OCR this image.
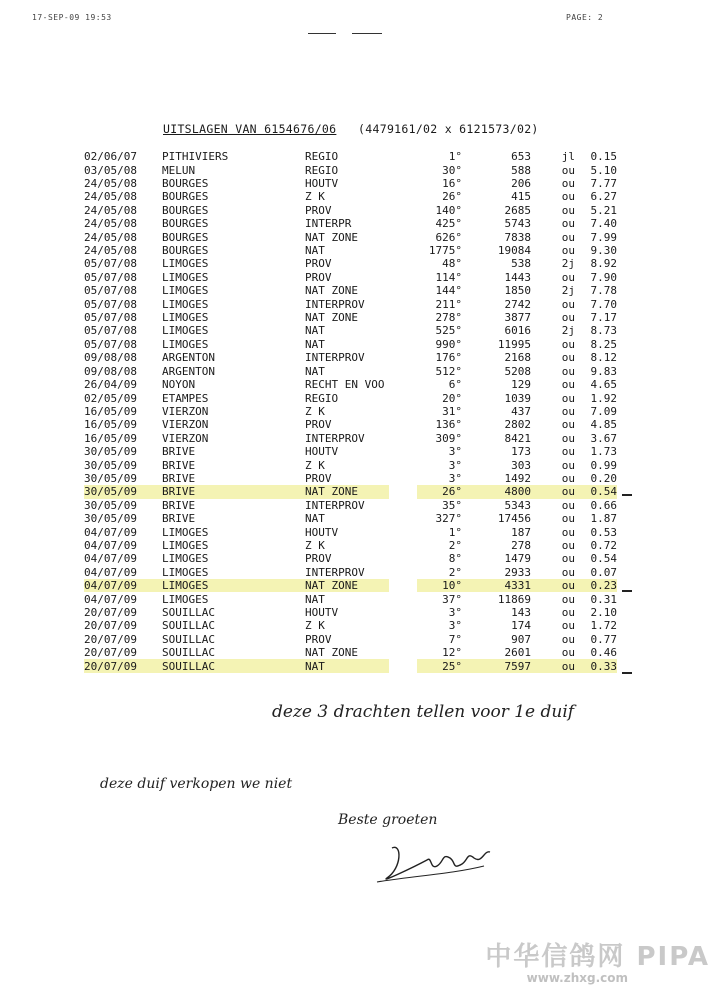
17-SEP-09 19:53	PAGE: 2
UITSLAGEN VAN 6154676/06 (4479161/02 x 6121573/02)
02/06/07	PITHIVIERS	REGIO	1°	653	jl	0.15
03/05/08	MELUN	REGIO	30°	588	ou	5.10
24/05/08	BOURGES	HOUTV	16°	206	ou	7.77
24/05/08	BOURGES	Z K	26°	415	ou	6.27
24/05/08	BOURGES	PROV	140°	2685	ou	5.21
24/05/08	BOURGES	INTERPR	425°	5743	ou	7.40
24/05/08	BOURGES	NAT ZONE	626°	7838	ou	7.99
24/05/08	BOURGES	NAT	1775°	19084	ou	9.30
05/07/08	LIMOGES	PROV	48°	538	2j	8.92
05/07/08	LIMOGES	PROV	114°	1443	ou	7.90
05/07/08	LIMOGES	NAT ZONE	144°	1850	2j	7.78
05/07/08	LIMOGES	INTERPROV	211°	2742	ou	7.70
05/07/08	LIMOGES	NAT ZONE	278°	3877	ou	7.17
05/07/08	LIMOGES	NAT	525°	6016	2j	8.73
05/07/08	LIMOGES	NAT	990°	11995	ou	8.25
09/08/08	ARGENTON	INTERPROV	176°	2168	ou	8.12
09/08/08	ARGENTON	NAT	512°	5208	ou	9.83
26/04/09	NOYON	RECHT EN VOO	6°	129	ou	4.65
02/05/09	ETAMPES	REGIO	20°	1039	ou	1.92
16/05/09	VIERZON	Z K	31°	437	ou	7.09
16/05/09	VIERZON	PROV	136°	2802	ou	4.85
16/05/09	VIERZON	INTERPROV	309°	8421	ou	3.67
30/05/09	BRIVE	HOUTV	3°	173	ou	1.73
30/05/09	BRIVE	Z K	3°	303	ou	0.99
30/05/09	BRIVE	PROV	3°	1492	ou	0.20
30/05/09	BRIVE	NAT ZONE	26°	4800	ou	0.54
30/05/09	BRIVE	INTERPROV	35°	5343	ou	0.66
30/05/09	BRIVE	NAT	327°	17456	ou	1.87
04/07/09	LIMOGES	HOUTV	1°	187	ou	0.53
04/07/09	LIMOGES	Z K	2°	278	ou	0.72
04/07/09	LIMOGES	PROV	8°	1479	ou	0.54
04/07/09	LIMOGES	INTERPROV	2°	2933	ou	0.07
04/07/09	LIMOGES	NAT ZONE	10°	4331	ou	0.23
04/07/09	LIMOGES	NAT	37°	11869	ou	0.31
20/07/09	SOUILLAC	HOUTV	3°	143	ou	2.10
20/07/09	SOUILLAC	Z K	3°	174	ou	1.72
20/07/09	SOUILLAC	PROV	7°	907	ou	0.77
20/07/09	SOUILLAC	NAT ZONE	12°	2601	ou	0.46
20/07/09	SOUILLAC	NAT	25°	7597	ou	0.33
deze 3 drachten tellen voor 1e duif
deze duif verkopen we niet
Beste groeten
中华信鸽网 PIPA
www.zhxg.com
